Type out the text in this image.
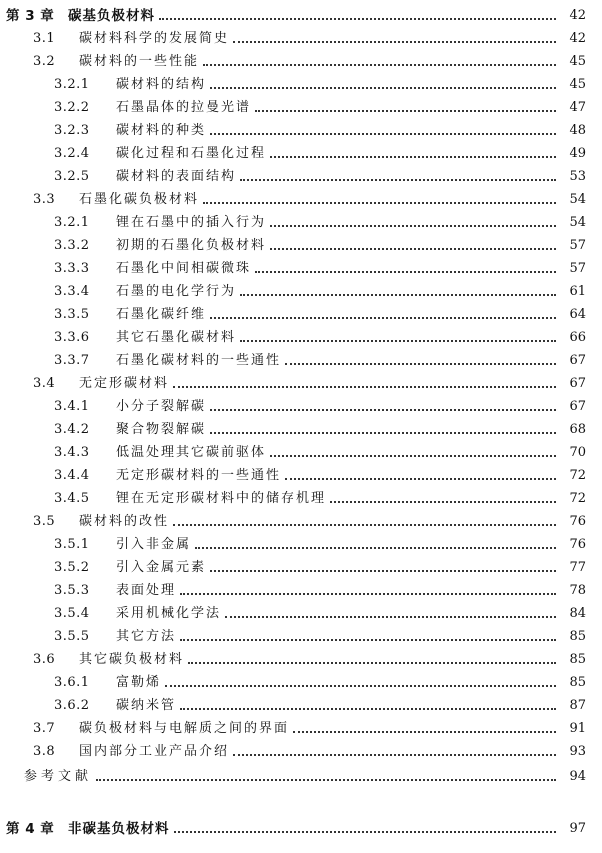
第 3 章	碳基负极材料	42
3.1	碳材料科学的发展简史	42
3.2	碳材料的一些性能	45
3.2.1	碳材料的结构	45
3.2.2	石墨晶体的拉曼光谱	47
3.2.3	碳材料的种类	48
3.2.4	碳化过程和石墨化过程	49
3.2.5	碳材料的表面结构	53
3.3	石墨化碳负极材料	54
3.2.1	锂在石墨中的插入行为	54
3.3.2	初期的石墨化负极材料	57
3.3.3	石墨化中间相碳微珠	57
3.3.4	石墨的电化学行为	61
3.3.5	石墨化碳纤维	64
3.3.6	其它石墨化碳材料	66
3.3.7	石墨化碳材料的一些通性	67
3.4	无定形碳材料	67
3.4.1	小分子裂解碳	67
3.4.2	聚合物裂解碳	68
3.4.3	低温处理其它碳前驱体	70
3.4.4	无定形碳材料的一些通性	72
3.4.5	锂在无定形碳材料中的储存机理	72
3.5	碳材料的改性	76
3.5.1	引入非金属	76
3.5.2	引入金属元素	77
3.5.3	表面处理	78
3.5.4	采用机械化学法	84
3.5.5	其它方法	85
3.6	其它碳负极材料	85
3.6.1	富勒烯	85
3.6.2	碳纳米管	87
3.7	碳负极材料与电解质之间的界面	91
3.8	国内部分工业产品介绍	93
参考文献	94
第 4 章	非碳基负极材料	97
